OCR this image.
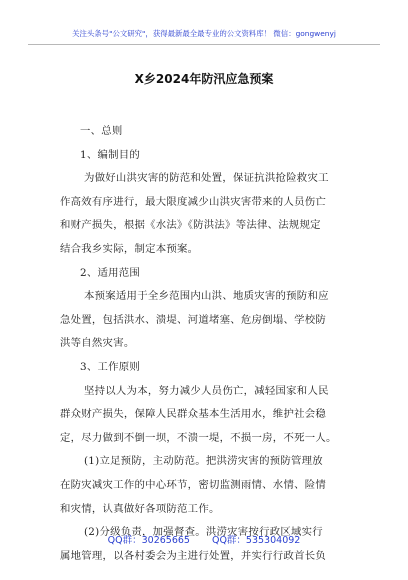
关注头条号"公文研究"，获得最新最全最专业的公文资料库！ 微信：gongwenyj
X乡2024年防汛应急预案
一、总则
1、编制目的
为做好山洪灾害的防范和处置，保证抗洪抢险救灾工
作高效有序进行，最大限度减少山洪灾害带来的人员伤亡
和财产损失，根据《水法》《防洪法》等法律、法规规定
结合我乡实际，制定本预案。
2、适用范围
本预案适用于全乡范围内山洪、地质灾害的预防和应
急处置，包括洪水、溃堤、河道堵塞、危房倒塌、学校防
洪等自然灾害。
3、工作原则
坚持以人为本，努力减少人员伤亡，减轻国家和人民
群众财产损失，保障人民群众基本生活用水，维护社会稳
定，尽力做到不倒一坝，不溃一堤，不损一房，不死一人。
(1)立足预防，主动防范。把洪涝灾害的预防管理放
在防灾减灾工作的中心环节，密切监测雨情、水情、险情
和灾情，认真做好各项防范工作。
(2)分级负责，加强督查。洪涝灾害按行政区域实行
属地管理，以各村委会为主进行处置，并实行行政首长负
QQ群：30265665 QQ群：535304092
